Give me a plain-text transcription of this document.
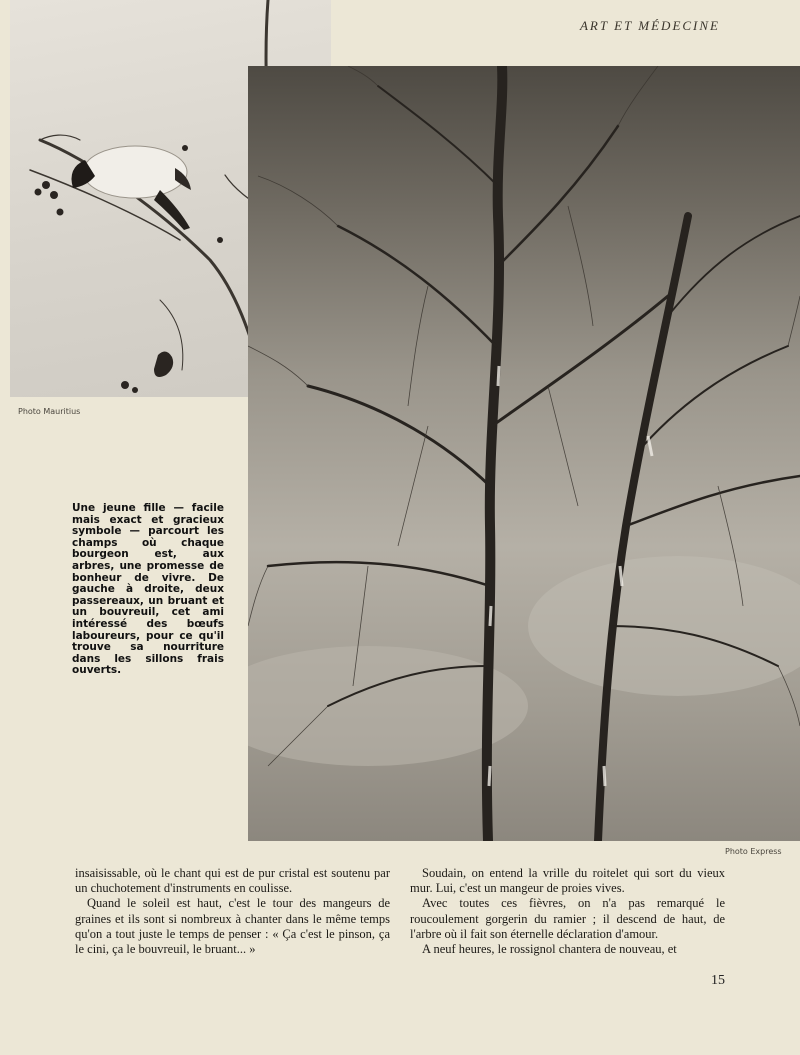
ART ET MÉDECINE
Photo Mauritius
Photo Express
Une jeune fille — facile mais exact et gracieux symbole — parcourt les champs où chaque bourgeon est, aux arbres, une promesse de bonheur de vivre. De gauche à droite, deux passereaux, un bruant et un bouvreuil, cet ami intéressé des bœufs laboureurs, pour ce qu'il trouve sa nourriture dans les sillons frais ouverts.

insaisissable, où le chant qui est de pur cristal est soutenu par un chuchotement d'instruments en coulisse.

Quand le soleil est haut, c'est le tour des mangeurs de graines et ils sont si nombreux à chanter dans le même temps qu'on a tout juste le temps de penser : « Ça c'est le pinson, ça le cini, ça le bouvreuil, le bruant... »

Soudain, on entend la vrille du roitelet qui sort du vieux mur. Lui, c'est un mangeur de proies vives.

Avec toutes ces fièvres, on n'a pas remarqué le roucoulement gorgerin du ramier ; il descend de haut, de l'arbre où il fait son éternelle déclaration d'amour.

A neuf heures, le rossignol chantera de nouveau, et

15
